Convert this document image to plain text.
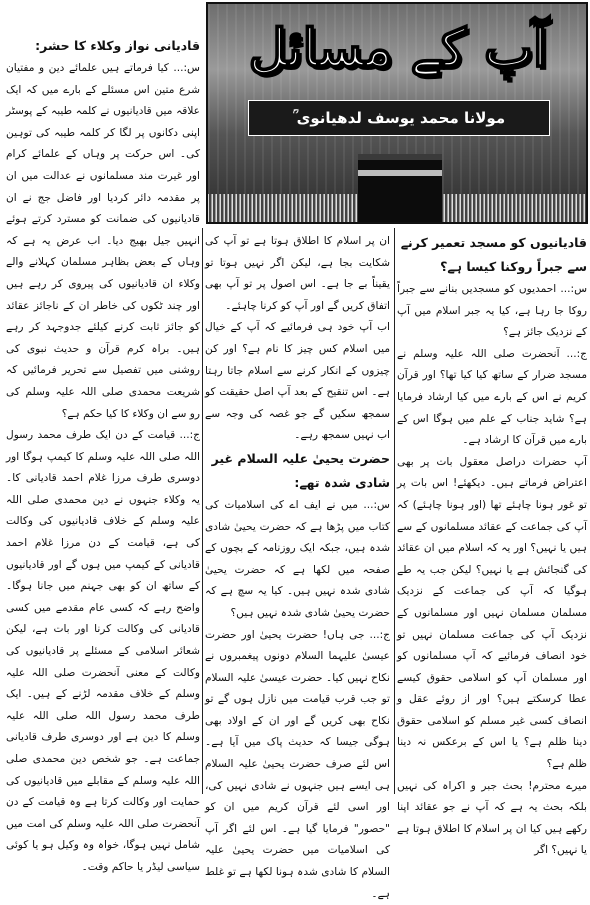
آپ کے مسائل
مولانا محمد یوسف لدھیانوی ؒ

قادیانیوں کو مسجد تعمیر کرنے سے جبراً روکنا کیسا ہے؟

س:... احمدیوں کو مسجدیں بنانے سے جبراً روکا جا رہا ہے، کیا یہ جبر اسلام میں آپ کے نزدیک جائز ہے؟

ج:... آنحضرت صلی اللہ علیہ وسلم نے مسجد ضرار کے ساتھ کیا کیا تھا؟ اور قرآن کریم نے اس کے بارے میں کیا ارشاد فرمایا ہے؟ شاید جناب کے علم میں ہوگا اس کے بارے میں قرآن کا ارشاد ہے۔

آپ حضرات دراصل معقول بات پر بھی اعتراض فرماتے ہیں۔ دیکھئے! اس بات پر تو غور ہونا چاہئے تھا (اور ہونا چاہئے) کہ آپ کی جماعت کے عقائد مسلمانوں کے سے ہیں یا نہیں؟ اور یہ کہ اسلام میں ان عقائد کی گنجائش ہے یا نہیں؟ لیکن جب یہ طے ہوگیا کہ آپ کی جماعت کے نزدیک مسلمان مسلمان نہیں اور مسلمانوں کے نزدیک آپ کی جماعت مسلمان نہیں تو خود انصاف فرمائیے کہ آپ مسلمانوں کو اور مسلمان آپ کو اسلامی حقوق کیسے عطا کرسکتے ہیں؟ اور از روئے عقل و انصاف کسی غیر مسلم کو اسلامی حقوق دینا ظلم ہے؟ یا اس کے برعکس نہ دینا ظلم ہے؟

میرے محترم! بحث جبر و اکراہ کی نہیں بلکہ بحث یہ ہے کہ آپ نے جو عقائد اپنا رکھے ہیں کیا ان پر اسلام کا اطلاق ہوتا ہے یا نہیں؟ اگر

ان پر اسلام کا اطلاق ہوتا ہے تو آپ کی شکایت بجا ہے، لیکن اگر نہیں ہوتا تو یقیناً بے جا ہے۔ اس اصول پر تو آپ بھی اتفاق کریں گے اور آپ کو کرنا چاہئے۔

اب آپ خود ہی فرمائیے کہ آپ کے خیال میں اسلام کس چیز کا نام ہے؟ اور کن چیزوں کے انکار کرنے سے اسلام جاتا رہتا ہے۔ اس تنقیح کے بعد آپ اصل حقیقت کو سمجھ سکیں گے جو غصہ کی وجہ سے اب نہیں سمجھ رہے۔

حضرت یحییٰ علیہ السلام غیر شادی شدہ تھے:

س:... میں نے ایف اے کی اسلامیات کی کتاب میں پڑھا ہے کہ حضرت یحییٰ شادی شدہ ہیں، جبکہ ایک روزنامہ کے بچوں کے صفحہ میں لکھا ہے کہ حضرت یحییٰ شادی شدہ نہیں ہیں۔ کیا یہ سچ ہے کہ حضرت یحییٰ شادی شدہ نہیں ہیں؟

ج:... جی ہاں! حضرت یحییٰ اور حضرت عیسیٰ علیہما السلام دونوں پیغمبروں نے نکاح نہیں کیا۔ حضرت عیسیٰ علیہ السلام تو جب قرب قیامت میں نازل ہوں گے تو نکاح بھی کریں گے اور ان کے اولاد بھی ہوگی جیسا کہ حدیث پاک میں آیا ہے۔ اس لئے صرف حضرت یحییٰ علیہ السلام ہی ایسے ہیں جنہوں نے شادی نہیں کی، اور اسی لئے قرآن کریم میں ان کو "حصور" فرمایا گیا ہے۔ اس لئے اگر آپ کی اسلامیات میں حضرت یحییٰ علیہ السلام کا شادی شدہ ہونا لکھا ہے تو غلط ہے۔

قادیانی نواز وکلاء کا حشر:

س:... کیا فرماتے ہیں علمائے دین و مفتیان شرع متین اس مسئلے کے بارے میں کہ ایک علاقہ میں قادیانیوں نے کلمہ طیبہ کے پوسٹر اپنی دکانوں پر لگا کر کلمہ طیبہ کی توہین کی۔ اس حرکت پر وہاں کے علمائے کرام اور غیرت مند مسلمانوں نے عدالت میں ان پر مقدمہ دائر کردیا اور فاضل جج نے ان قادیانیوں کی ضمانت کو مسترد کرتے ہوئے انہیں جیل بھیج دیا۔ اب عرض یہ ہے کہ وہاں کے بعض بظاہر مسلمان کہلانے والے وکلاء ان قادیانیوں کی پیروی کر رہے ہیں اور چند ٹکوں کی خاطر ان کے ناجائز عقائد کو جائز ثابت کرنے کیلئے جدوجہد کر رہے ہیں۔ براہ کرم قرآن و حدیث نبوی کی روشنی میں تفصیل سے تحریر فرمائیں کہ شریعت محمدی صلی اللہ علیہ وسلم کی رو سے ان وکلاء کا کیا حکم ہے؟

ج:... قیامت کے دن ایک طرف محمد رسول اللہ صلی اللہ علیہ وسلم کا کیمپ ہوگا اور دوسری طرف مرزا غلام احمد قادیانی کا۔ یہ وکلاء جنہوں نے دین محمدی صلی اللہ علیہ وسلم کے خلاف قادیانیوں کی وکالت کی ہے، قیامت کے دن مرزا غلام احمد قادیانی کے کیمپ میں ہوں گے اور قادیانیوں کے ساتھ ان کو بھی جہنم میں جانا ہوگا۔ واضح رہے کہ کسی عام مقدمے میں کسی قادیانی کی وکالت کرنا اور بات ہے، لیکن شعائر اسلامی کے مسئلے پر قادیانیوں کی وکالت کے معنی آنحضرت صلی اللہ علیہ وسلم کے خلاف مقدمہ لڑنے کے ہیں۔ ایک طرف محمد رسول اللہ صلی اللہ علیہ وسلم کا دین ہے اور دوسری طرف قادیانی جماعت ہے۔ جو شخص دین محمدی صلی اللہ علیہ وسلم کے مقابلے میں قادیانیوں کی حمایت اور وکالت کرتا ہے وہ قیامت کے دن آنحضرت صلی اللہ علیہ وسلم کی امت میں شامل نہیں ہوگا، خواہ وہ وکیل ہو یا کوئی سیاسی لیڈر یا حاکم وقت۔
